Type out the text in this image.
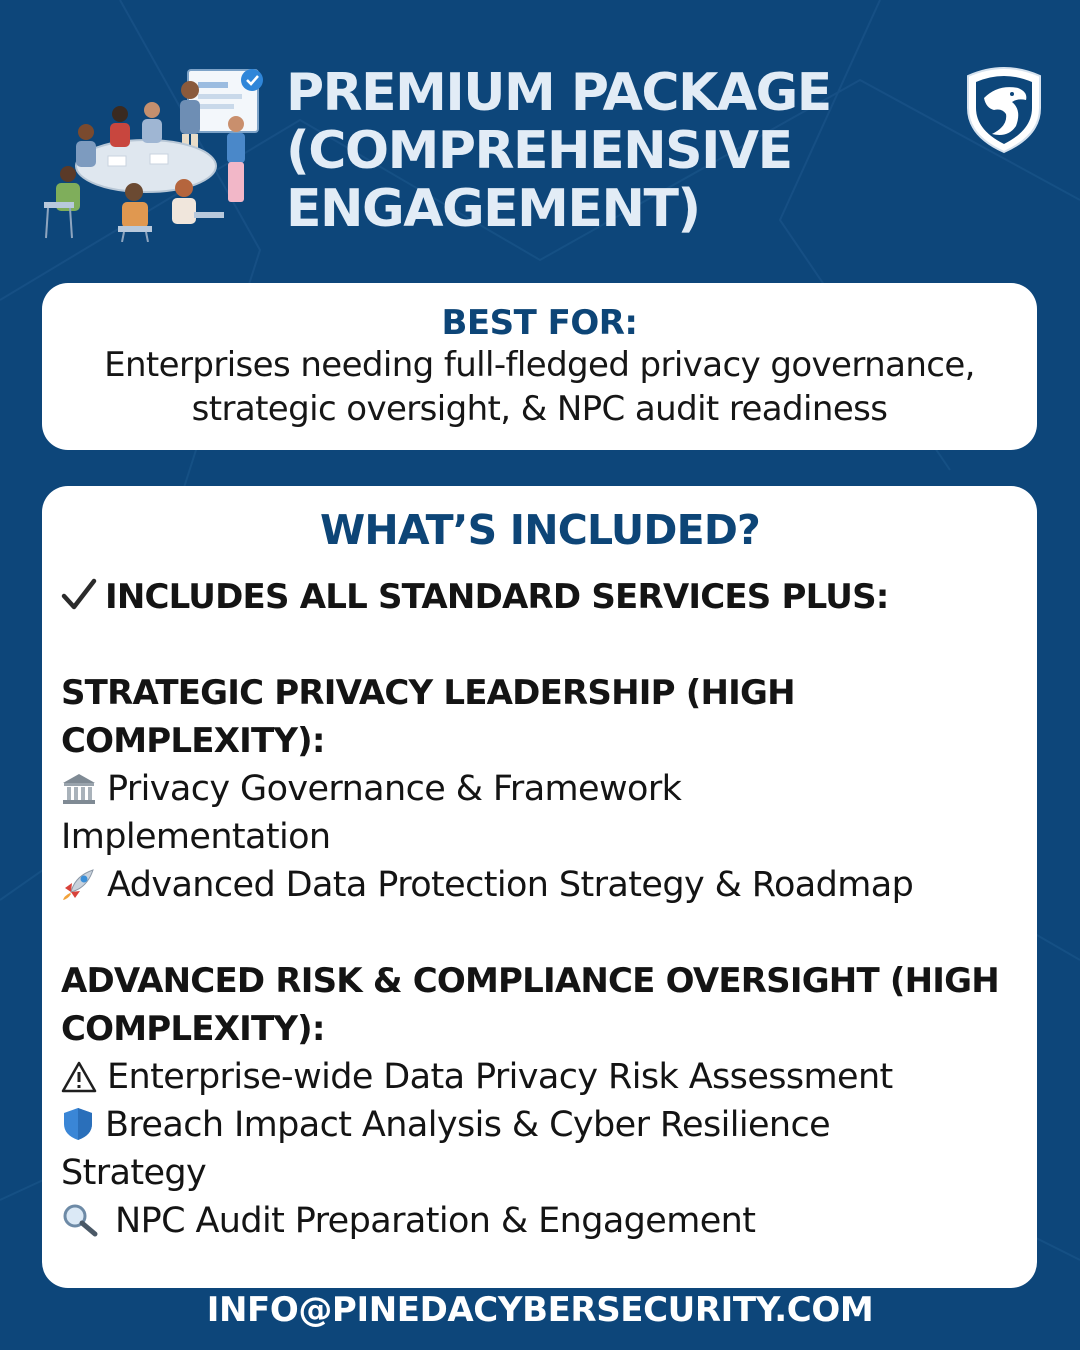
PREMIUM PACKAGE
(COMPREHENSIVE
ENGAGEMENT)
BEST FOR:
Enterprises needing full-fledged privacy governance,
strategic oversight, & NPC audit readiness
WHAT’S INCLUDED?
INCLUDES ALL STANDARD SERVICES PLUS:
STRATEGIC PRIVACY LEADERSHIP (HIGH
COMPLEXITY):
Privacy Governance & Framework
Implementation
Advanced Data Protection Strategy & Roadmap
ADVANCED RISK & COMPLIANCE OVERSIGHT (HIGH
COMPLEXITY):
Enterprise-wide Data Privacy Risk Assessment
Breach Impact Analysis & Cyber Resilience
Strategy
NPC Audit Preparation & Engagement
INFO@PINEDACYBERSECURITY.COM
